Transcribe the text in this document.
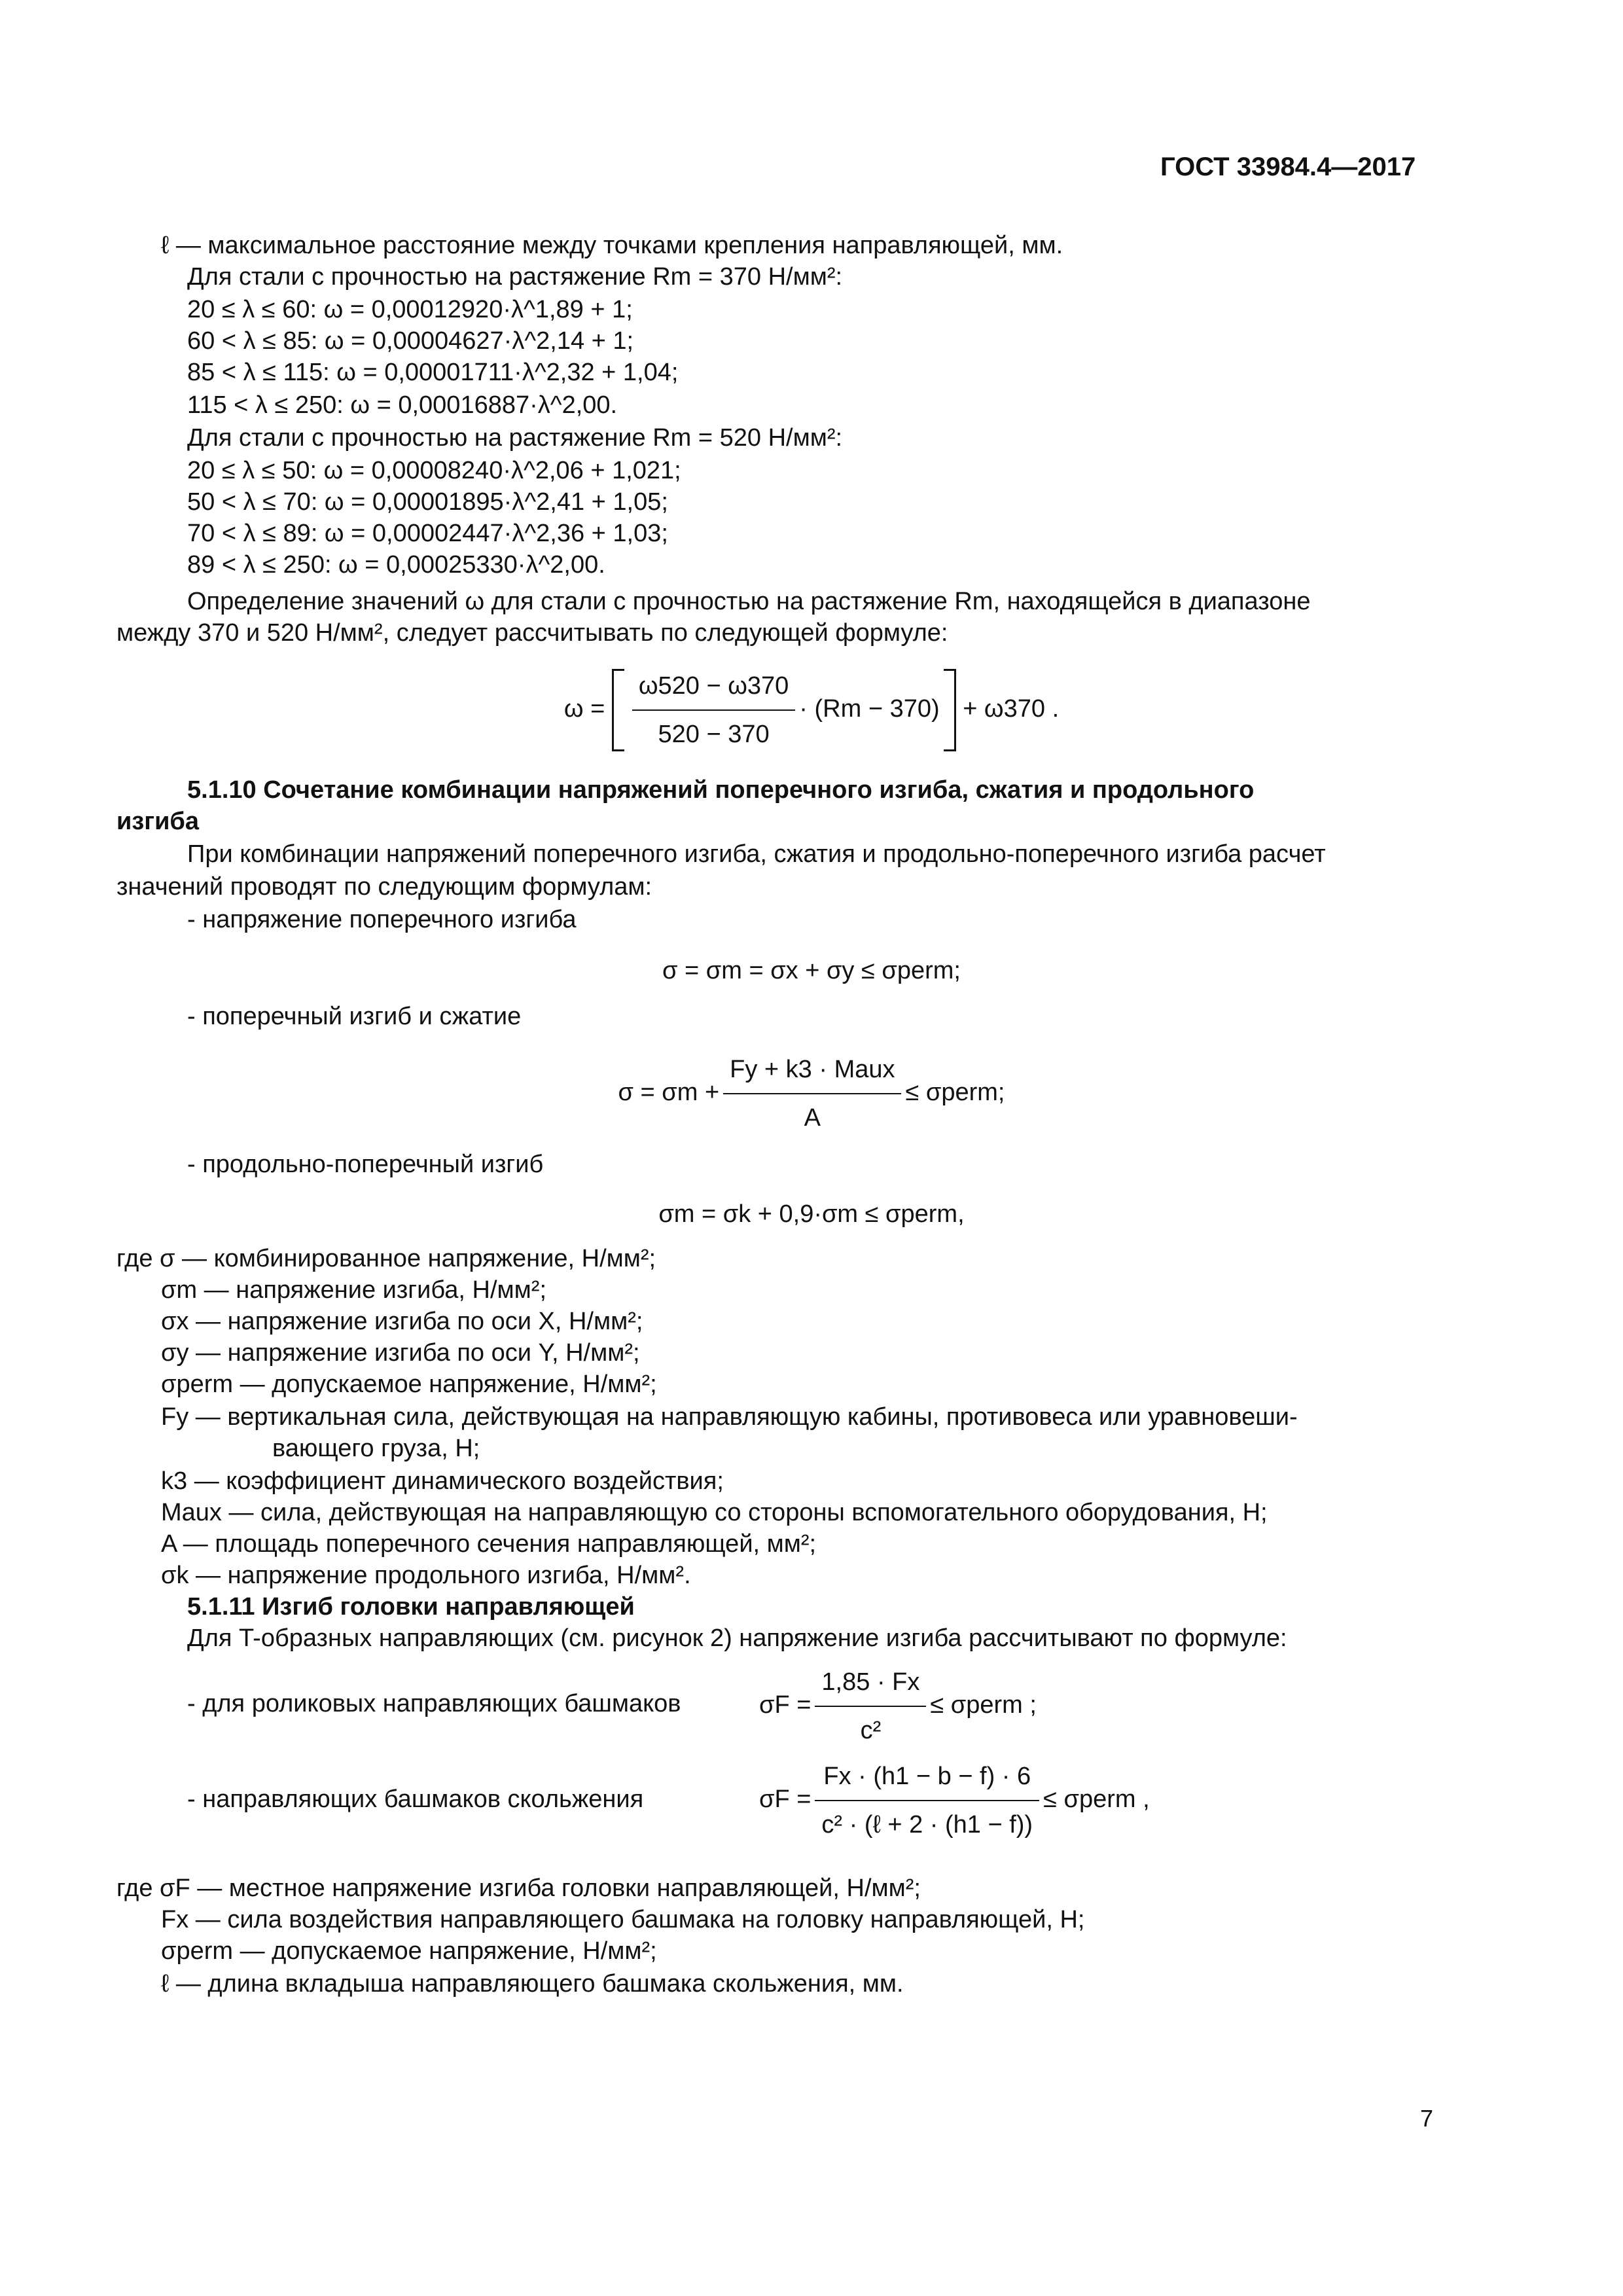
ГОСТ 33984.4—2017
ℓ — максимальное расстояние между точками крепления направляющей, мм.
Для стали с прочностью на растяжение Rm = 370 Н/мм²:
20 ≤ λ ≤ 60: ω = 0,00012920·λ^1,89 + 1;
60 < λ ≤ 85: ω = 0,00004627·λ^2,14 + 1;
85 < λ ≤ 115: ω = 0,00001711·λ^2,32 + 1,04;
115 < λ ≤ 250: ω = 0,00016887·λ^2,00.
Для стали с прочностью на растяжение Rm = 520 Н/мм²:
20 ≤ λ ≤ 50: ω = 0,00008240·λ^2,06 + 1,021;
50 < λ ≤ 70: ω = 0,00001895·λ^2,41 + 1,05;
70 < λ ≤ 89: ω = 0,00002447·λ^2,36 + 1,03;
89 < λ ≤ 250: ω = 0,00025330·λ^2,00.
Определение значений ω для стали с прочностью на растяжение Rm, находящейся в диапазоне
между 370 и 520 Н/мм², следует рассчитывать по следующей формуле:
$\omega = \frac{\omega 520 - \omega 370}{520 - 370} \cdot (Rm - 370) + \omega 370$ .
5.1.10 Сочетание комбинации напряжений поперечного изгиба, сжатия и продольного
изгиба
При комбинации напряжений поперечного изгиба, сжатия и продольно-поперечного изгиба расчет
значений проводят по следующим формулам:
- напряжение поперечного изгиба
σ = σm = σx + σy ≤ σperm;
- поперечный изгиб и сжатие
$\sigma = \sigma m + \frac{\text{Fy + k3 · Maux}}{A}$ ≤ σperm;
- продольно-поперечный изгиб
σm = σk + 0,9·σm ≤ σperm,
где σ — комбинированное напряжение, Н/мм²;
σm — напряжение изгиба, Н/мм²;
σx — напряжение изгиба по оси X, Н/мм²;
σy — напряжение изгиба по оси Y, Н/мм²;
σperm — допускаемое напряжение, Н/мм²;
Fy — вертикальная сила, действующая на направляющую кабины, противовеса или уравновеши-
вающего груза, Н;
k3 — коэффициент динамического воздействия;
Maux — сила, действующая на направляющую со стороны вспомогательного оборудования, Н;
A — площадь поперечного сечения направляющей, мм²;
σk — напряжение продольного изгиба, Н/мм².
5.1.11 Изгиб головки направляющей
Для T-образных направляющих (см. рисунок 2) напряжение изгиба рассчитывают по формуле:
- для роликовых направляющих башмаков	$\sigma F = \frac{1,85 \cdot Fx}{\text{c²}}$ ≤ σperm ;
- направляющих башмаков скольжения	$\sigma F = \frac{Fx \cdot (h1 - b - f) \cdot 6}{\text{c² · (ℓ + 2 · (h1 − f))}}$ ≤ σperm ,
где σF — местное напряжение изгиба головки направляющей, Н/мм²;
Fx — сила воздействия направляющего башмака на головку направляющей, Н;
σperm — допускаемое напряжение, Н/мм²;
ℓ — длина вкладыша направляющего башмака скольжения, мм.
7
